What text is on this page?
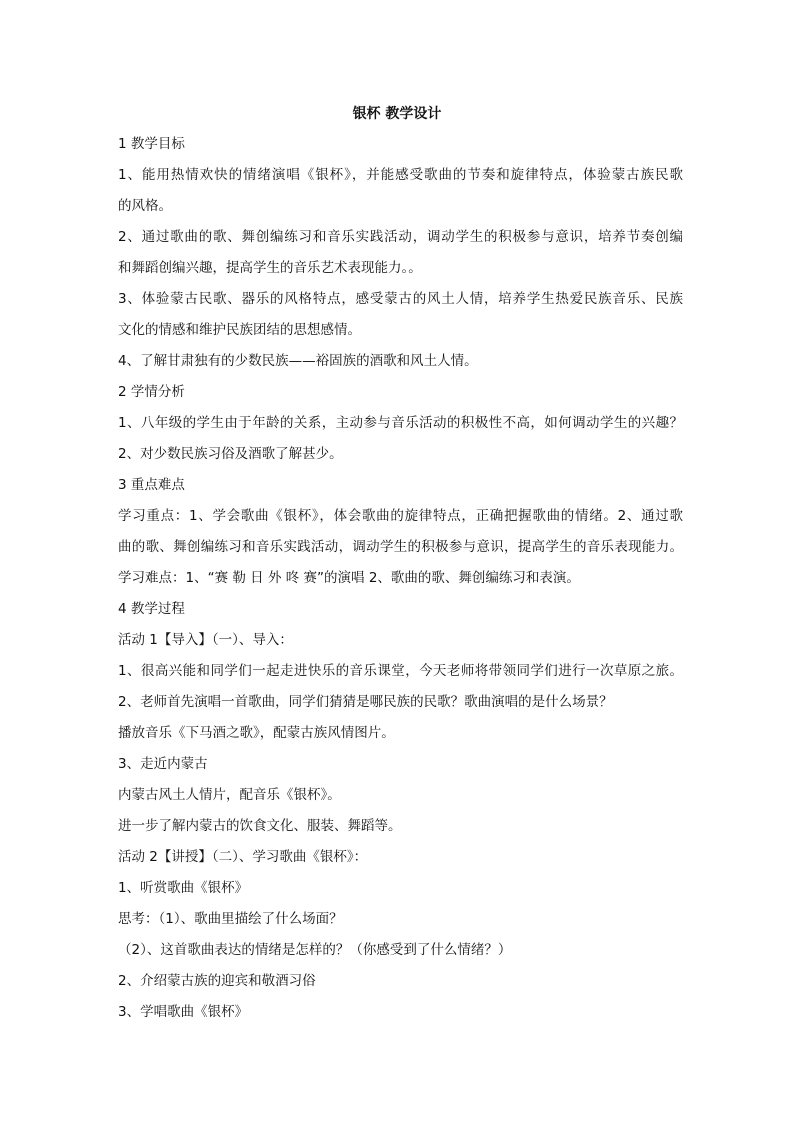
银杯 教学设计
1 教学目标
1、能用热情欢快的情绪演唱《银杯》，并能感受歌曲的节奏和旋律特点，体验蒙古族民歌
的风格。
2、通过歌曲的歌、舞创编练习和音乐实践活动，调动学生的积极参与意识，培养节奏创编
和舞蹈创编兴趣，提高学生的音乐艺术表现能力。。
3、体验蒙古民歌、器乐的风格特点，感受蒙古的风土人情，培养学生热爱民族音乐、民族
文化的情感和维护民族团结的思想感情。
4、了解甘肃独有的少数民族——裕固族的酒歌和风土人情。
2 学情分析
1、八年级的学生由于年龄的关系，主动参与音乐活动的积极性不高，如何调动学生的兴趣？
2、对少数民族习俗及酒歌了解甚少。
3 重点难点
学习重点：1、学会歌曲《银杯》，体会歌曲的旋律特点，正确把握歌曲的情绪。2、通过歌
曲的歌、舞创编练习和音乐实践活动，调动学生的积极参与意识，提高学生的音乐表现能力。
学习难点：1、“赛 勒 日 外 咚 赛”的演唱 2、歌曲的歌、舞创编练习和表演。
4 教学过程
活动 1【导入】（一）、导入：
1、很高兴能和同学们一起走进快乐的音乐课堂，今天老师将带领同学们进行一次草原之旅。
2、老师首先演唱一首歌曲，同学们猜猜是哪民族的民歌？歌曲演唱的是什么场景？
播放音乐《下马酒之歌》，配蒙古族风情图片。
3、走近内蒙古
内蒙古风土人情片，配音乐《银杯》。
进一步了解内蒙古的饮食文化、服装、舞蹈等。
活动 2【讲授】（二）、学习歌曲《银杯》：
1、听赏歌曲《银杯》
思考：（1）、歌曲里描绘了什么场面？
（2）、这首歌曲表达的情绪是怎样的？（你感受到了什么情绪？）
2、介绍蒙古族的迎宾和敬酒习俗
3、学唱歌曲《银杯》
